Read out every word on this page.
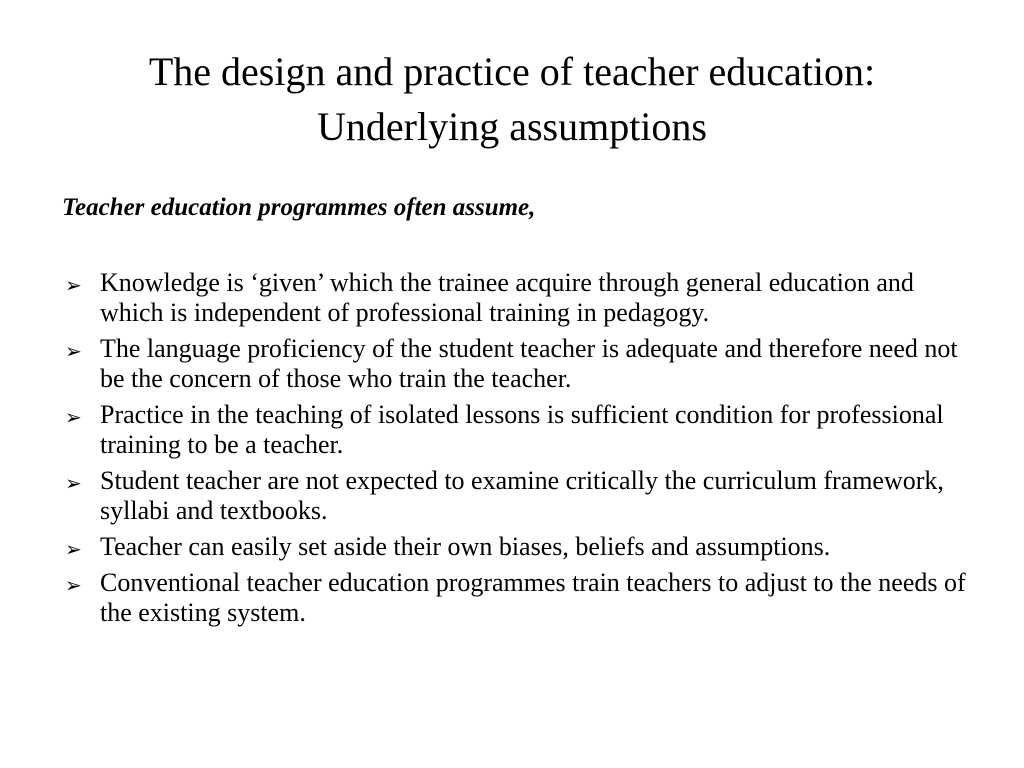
The design and practice of teacher education:
Underlying assumptions

Teacher education programmes often assume,

➢ Knowledge is ‘given’ which the trainee acquire through general education and which is independent of professional training in pedagogy.
➢ The language proficiency of the student teacher is adequate and therefore need not be the concern of those who train the teacher.
➢ Practice in the teaching of isolated lessons is sufficient condition for professional training to be a teacher.
➢ Student teacher are not expected to examine critically the curriculum framework, syllabi and textbooks.
➢ Teacher can easily set aside their own biases, beliefs and assumptions.
➢ Conventional teacher education programmes train teachers to adjust to the needs of the existing system.
